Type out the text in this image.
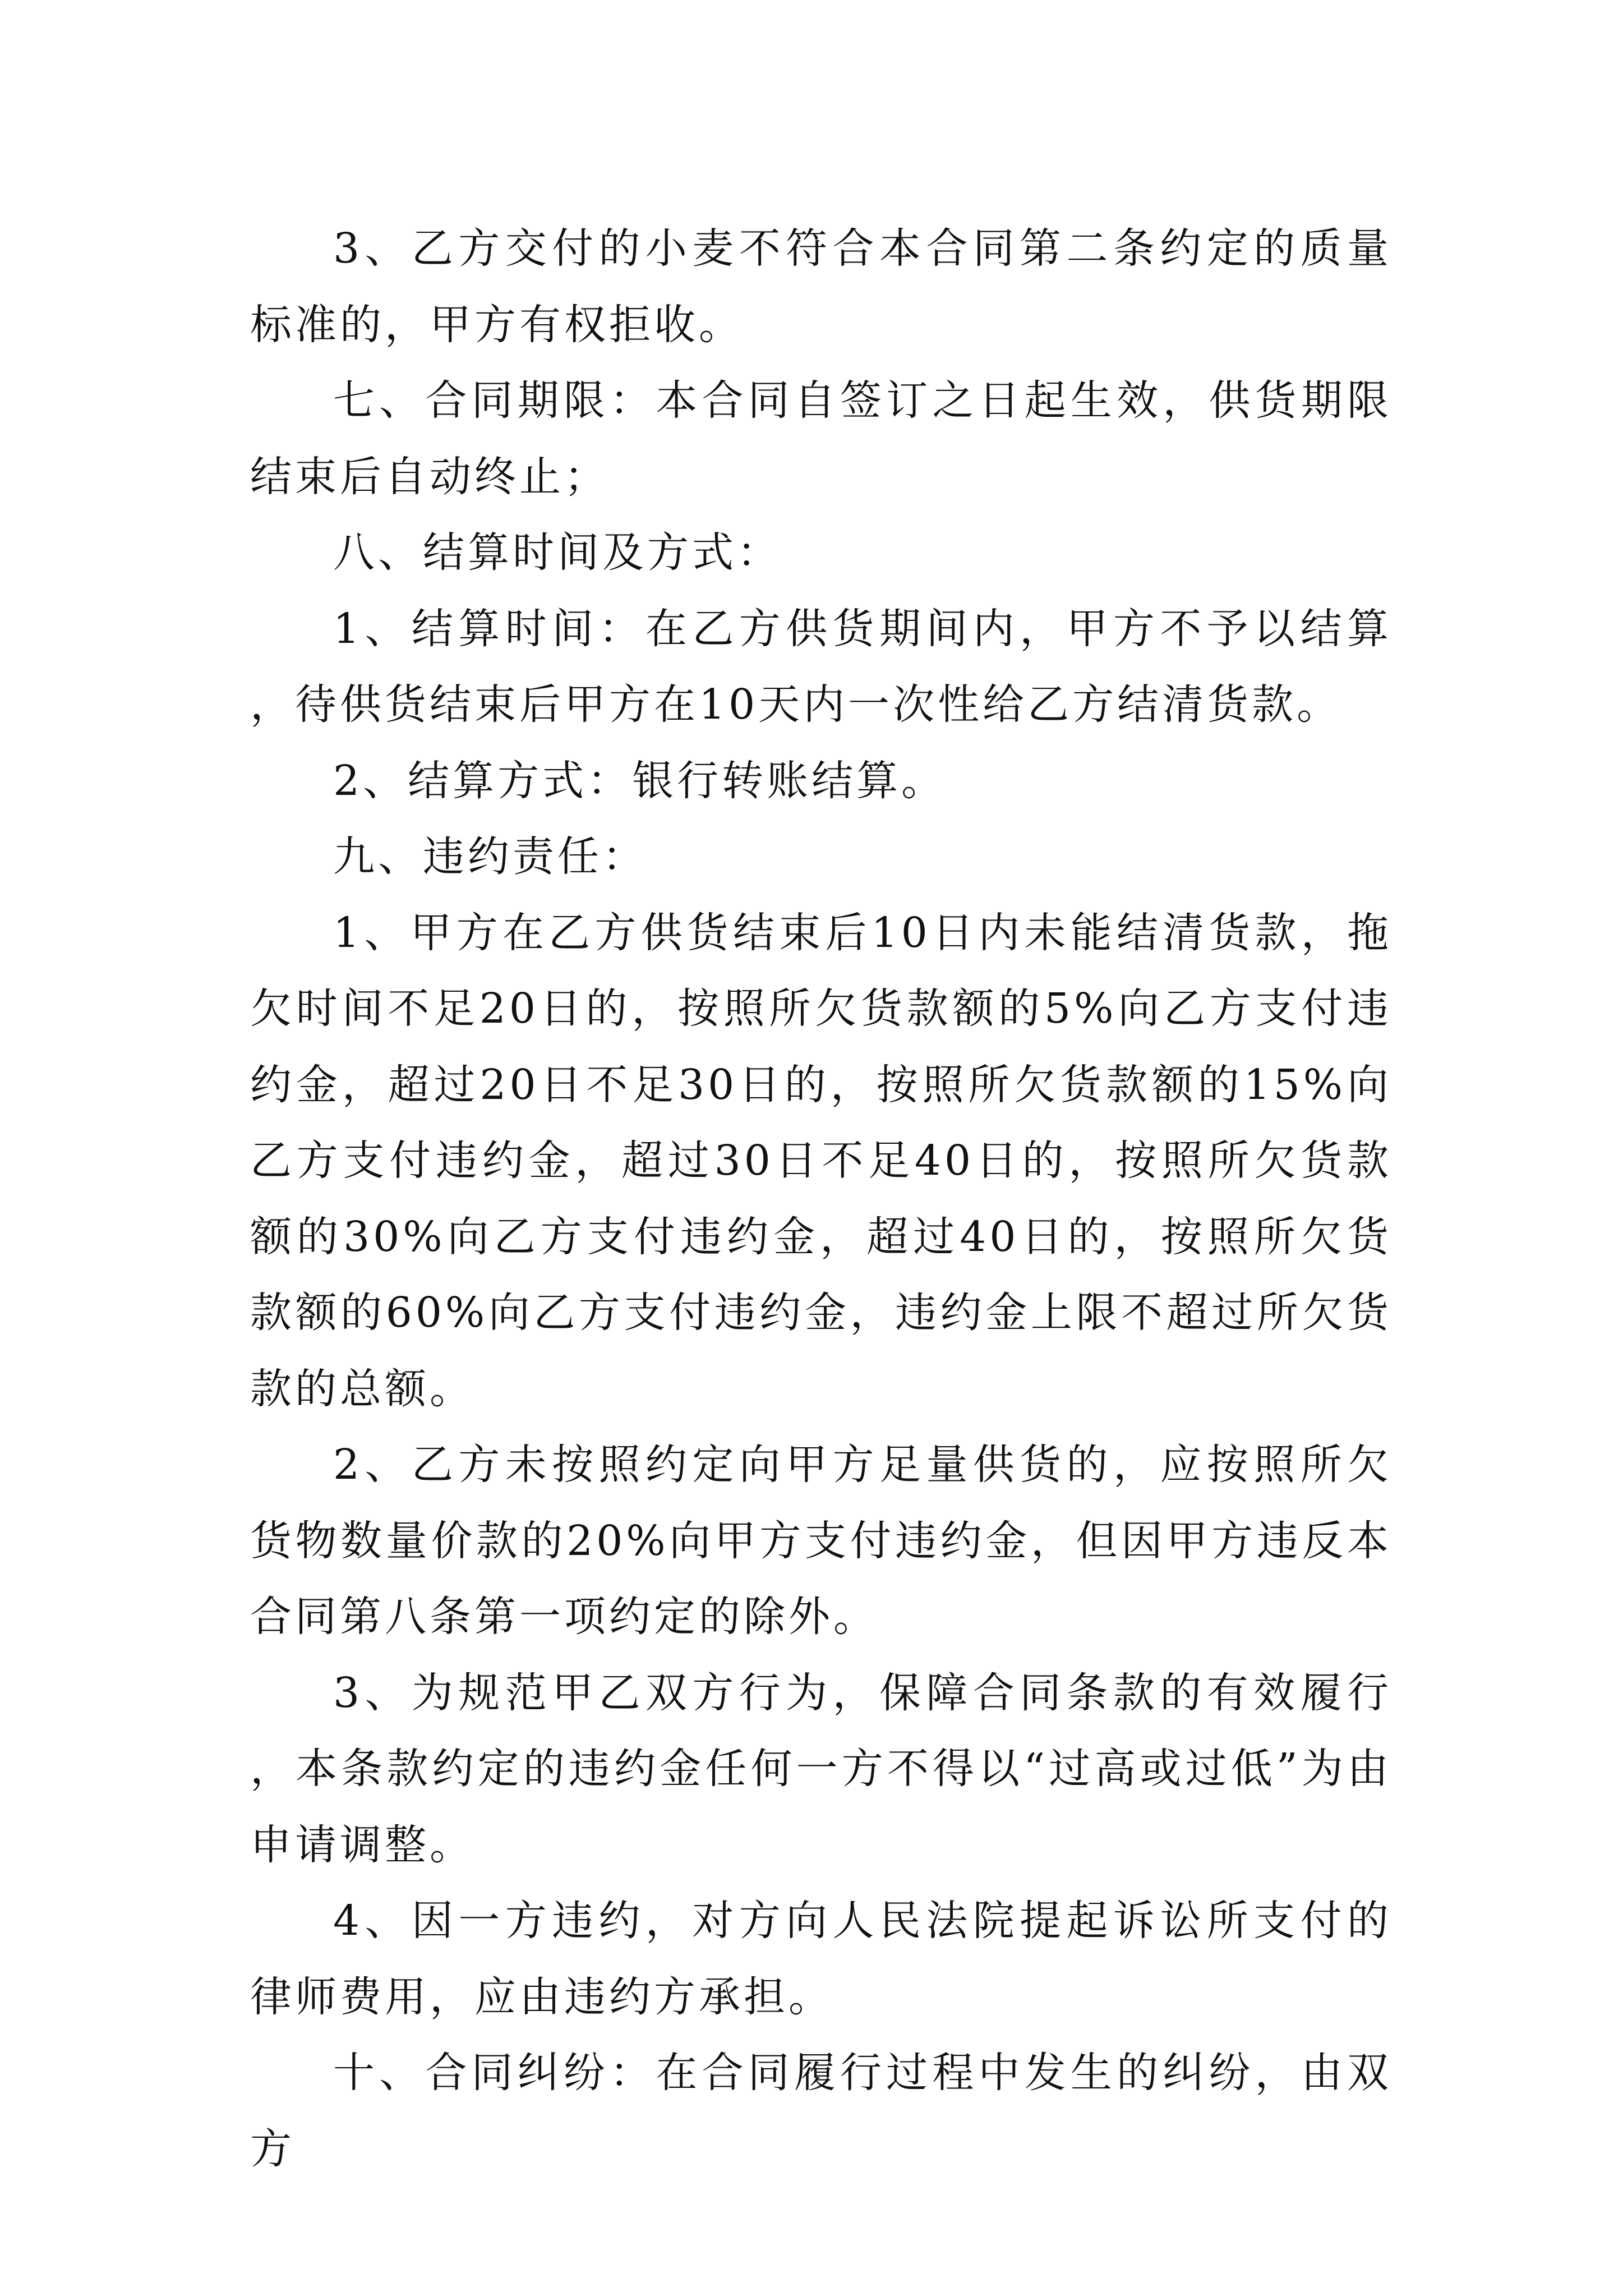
3、乙方交付的小麦不符合本合同第二条约定的质量标准的，甲方有权拒收。

七、合同期限：本合同自签订之日起生效，供货期限结束后自动终止；

八、结算时间及方式：

1、结算时间：在乙方供货期间内，甲方不予以结算，待供货结束后甲方在10天内一次性给乙方结清货款。

2、结算方式：银行转账结算。

九、违约责任：

1、甲方在乙方供货结束后10日内未能结清货款，拖欠时间不足20日的，按照所欠货款额的5%向乙方支付违约金，超过20日不足30日的，按照所欠货款额的15%向乙方支付违约金，超过30日不足40日的，按照所欠货款额的30%向乙方支付违约金，超过40日的，按照所欠货款额的60%向乙方支付违约金，违约金上限不超过所欠货款的总额。

2、乙方未按照约定向甲方足量供货的，应按照所欠货物数量价款的20%向甲方支付违约金，但因甲方违反本合同第八条第一项约定的除外。

3、为规范甲乙双方行为，保障合同条款的有效履行，本条款约定的违约金任何一方不得以“过高或过低”为由申请调整。

4、因一方违约，对方向人民法院提起诉讼所支付的律师费用，应由违约方承担。

十、合同纠纷：在合同履行过程中发生的纠纷，由双方
